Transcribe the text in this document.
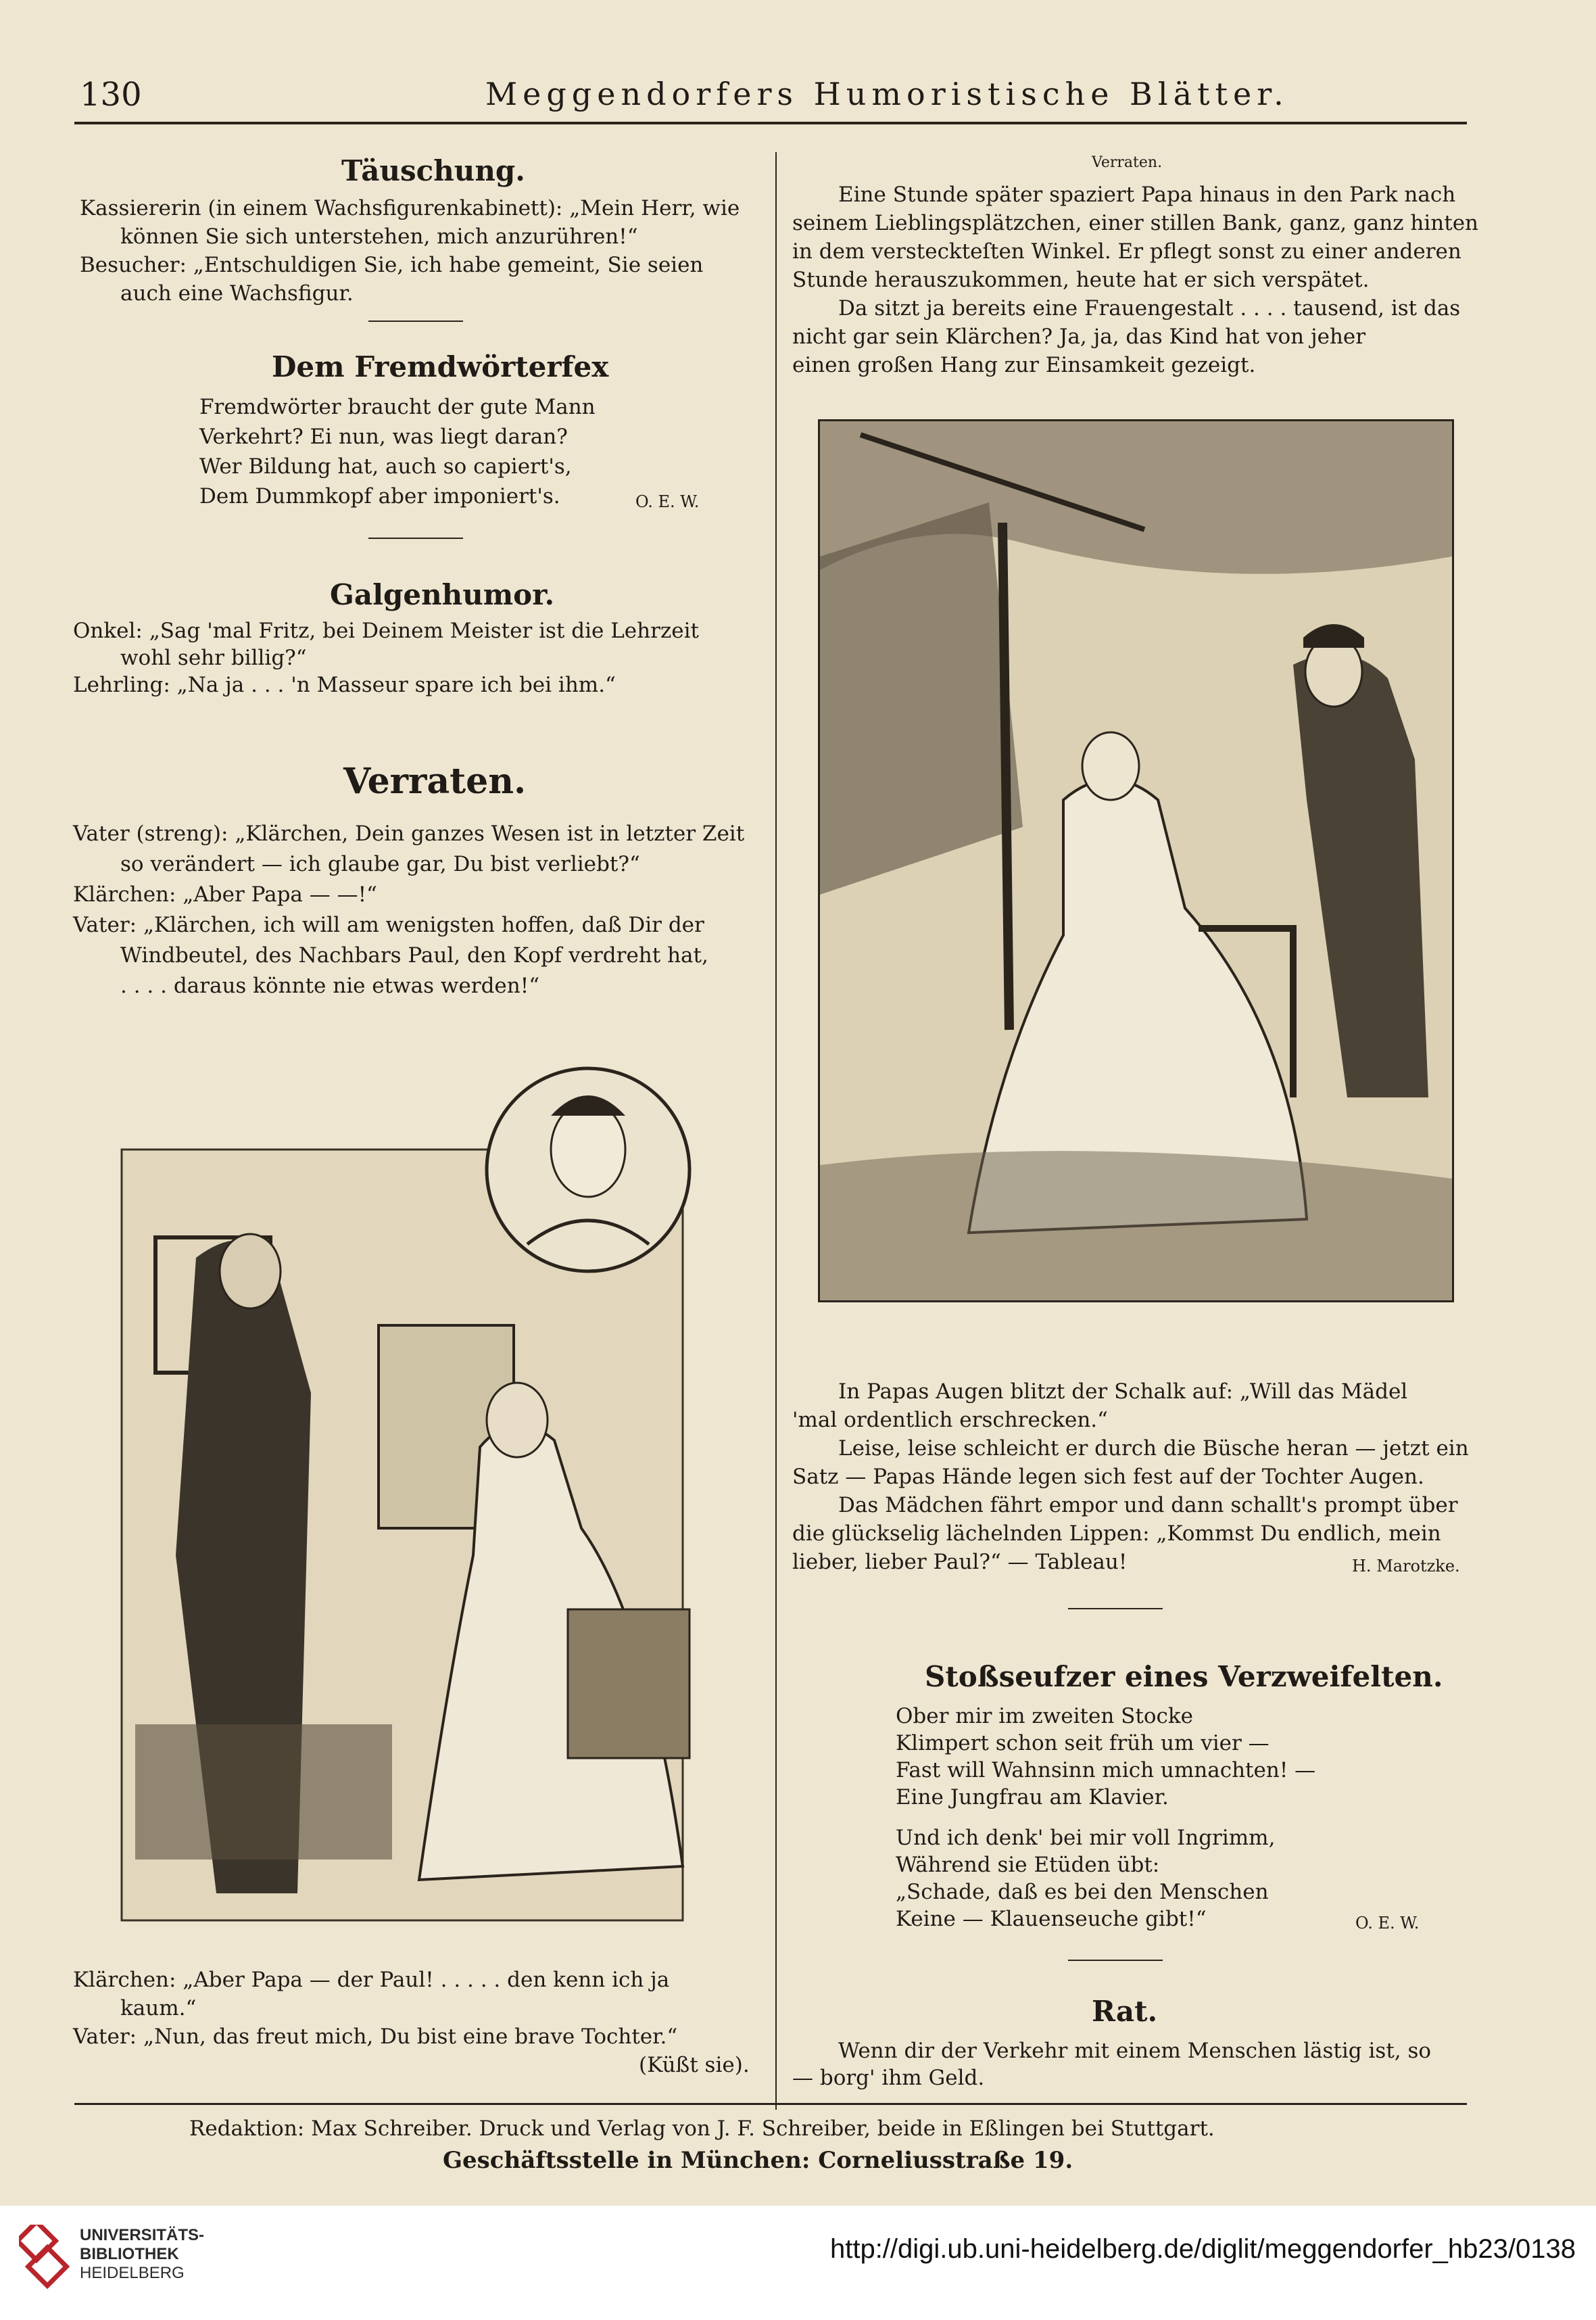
130	Meggendorfers Humoristische Blätter.
Täuschung.
Kassiererin (in einem Wachsfigurenkabinett): „Mein Herr, wie
können Sie sich unterstehen, mich anzurühren!“
Besucher: „Entschuldigen Sie, ich habe gemeint, Sie seien
auch eine Wachsfigur.
Dem Fremdwörterfex
Fremdwörter braucht der gute Mann
Verkehrt? Ei nun, was liegt daran?
Wer Bildung hat, auch so capiert's,
Dem Dummkopf aber imponiert's.	O. E. W.
Galgenhumor.
Onkel: „Sag 'mal Fritz, bei Deinem Meister ist die Lehrzeit
wohl sehr billig?“
Lehrling: „Na ja . . . 'n Masseur spare ich bei ihm.“
Verraten.
Vater (streng): „Klärchen, Dein ganzes Wesen ist in letzter Zeit
so verändert — ich glaube gar, Du bist verliebt?“
Klärchen: „Aber Papa — —!“
Vater: „Klärchen, ich will am wenigsten hoffen, daß Dir der
Windbeutel, des Nachbars Paul, den Kopf verdreht hat,
. . . . daraus könnte nie etwas werden!“
Klärchen: „Aber Papa — der Paul! . . . . . den kenn ich ja
kaum.“
Vater: „Nun, das freut mich, Du bist eine brave Tochter.“
(Küßt sie).
Verraten.
Eine Stunde später spaziert Papa hinaus in den Park nach
seinem Lieblingsplätzchen, einer stillen Bank, ganz, ganz hinten
in dem versteckteſten Winkel. Er pflegt sonst zu einer anderen
Stunde herauszukommen, heute hat er sich verspätet.
Da sitzt ja bereits eine Frauengestalt . . . . tausend, ist das
nicht gar sein Klärchen? Ja, ja, das Kind hat von jeher
einen großen Hang zur Einsamkeit gezeigt.
In Papas Augen blitzt der Schalk auf: „Will das Mädel
'mal ordentlich erschrecken.“
Leise, leise schleicht er durch die Büsche heran — jetzt ein
Satz — Papas Hände legen sich fest auf der Tochter Augen.
Das Mädchen fährt empor und dann schallt's prompt über
die glückselig lächelnden Lippen: „Kommst Du endlich, mein
lieber, lieber Paul?“ — Tableau!	H. Marotzke.
Stoßseufzer eines Verzweifelten.
Ober mir im zweiten Stocke
Klimpert schon seit früh um vier —
Fast will Wahnsinn mich umnachten! —
Eine Jungfrau am Klavier.
Und ich denk' bei mir voll Ingrimm,
Während sie Etüden übt:
„Schade, daß es bei den Menschen
Keine — Klauenseuche gibt!“	O. E. W.
Rat.
Wenn dir der Verkehr mit einem Menschen lästig ist, so
— borg' ihm Geld.
Redaktion: Max Schreiber. Druck und Verlag von J. F. Schreiber, beide in Eßlingen bei Stuttgart.
Geschäftsstelle in München: Corneliusstraße 19.
UNIVERSITÄTS-
BIBLIOTHEK
HEIDELBERG
http://digi.ub.uni-heidelberg.de/diglit/meggendorfer_hb23/0138
